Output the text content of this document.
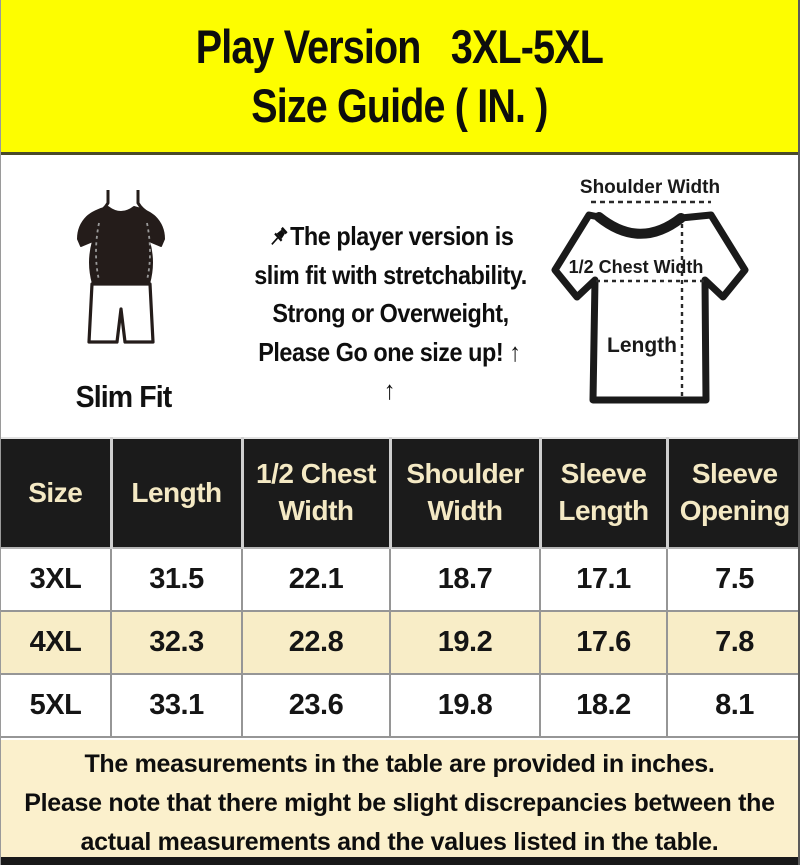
Play Version   3XL-5XL
Size Guide ( IN. )
Slim Fit
The player version is
slim fit with stretchability.
Strong or Overweight,
Please Go one size up! ↑ ↑
Shoulder Width
1/2 Chest Width
Length
Size	Length	1/2 Chest Width	Shoulder Width	Sleeve Length	Sleeve Opening
3XL	31.5	22.1	18.7	17.1	7.5
4XL	32.3	22.8	19.2	17.6	7.8
5XL	33.1	23.6	19.8	18.2	8.1
The measurements in the table are provided in inches.
Please note that there might be slight discrepancies between the
actual measurements and the values listed in the table.
